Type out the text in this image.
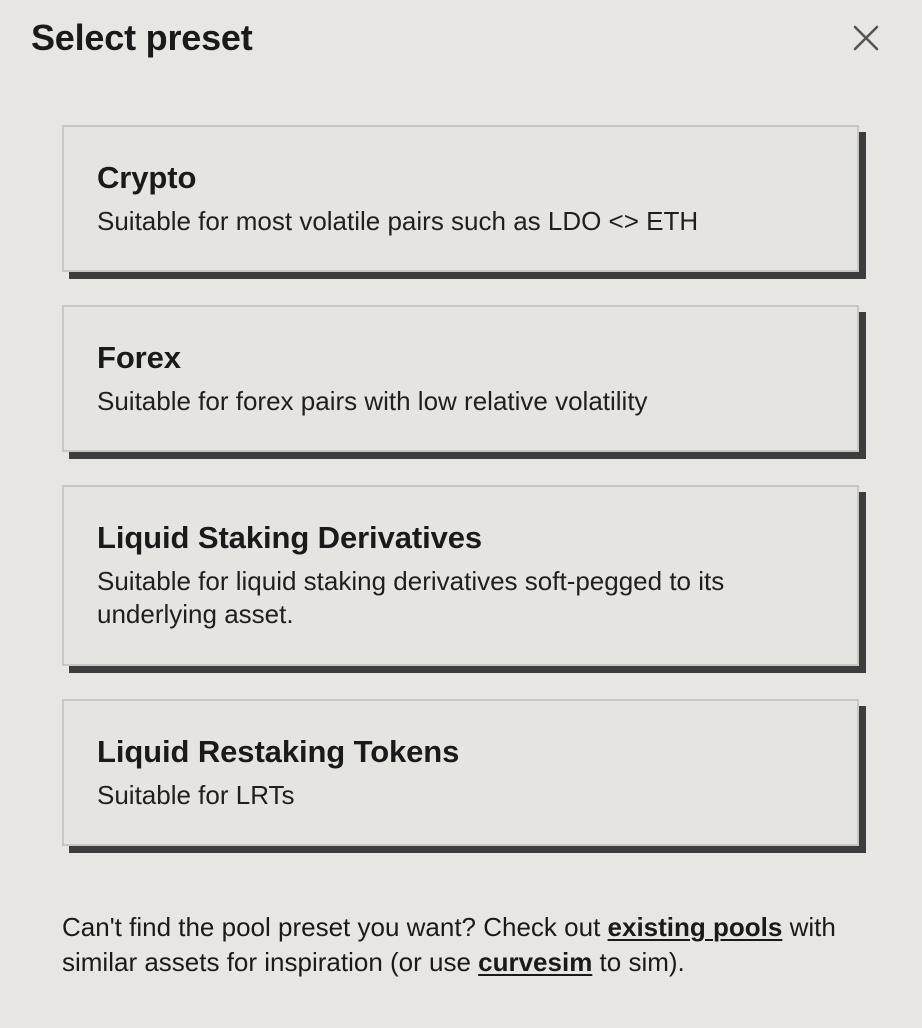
Select preset
Crypto
Suitable for most volatile pairs such as LDO <> ETH
Forex
Suitable for forex pairs with low relative volatility
Liquid Staking Derivatives
Suitable for liquid staking derivatives soft-pegged to its underlying asset.
Liquid Restaking Tokens
Suitable for LRTs

Can't find the pool preset you want? Check out existing pools with similar assets for inspiration (or use curvesim to sim).
